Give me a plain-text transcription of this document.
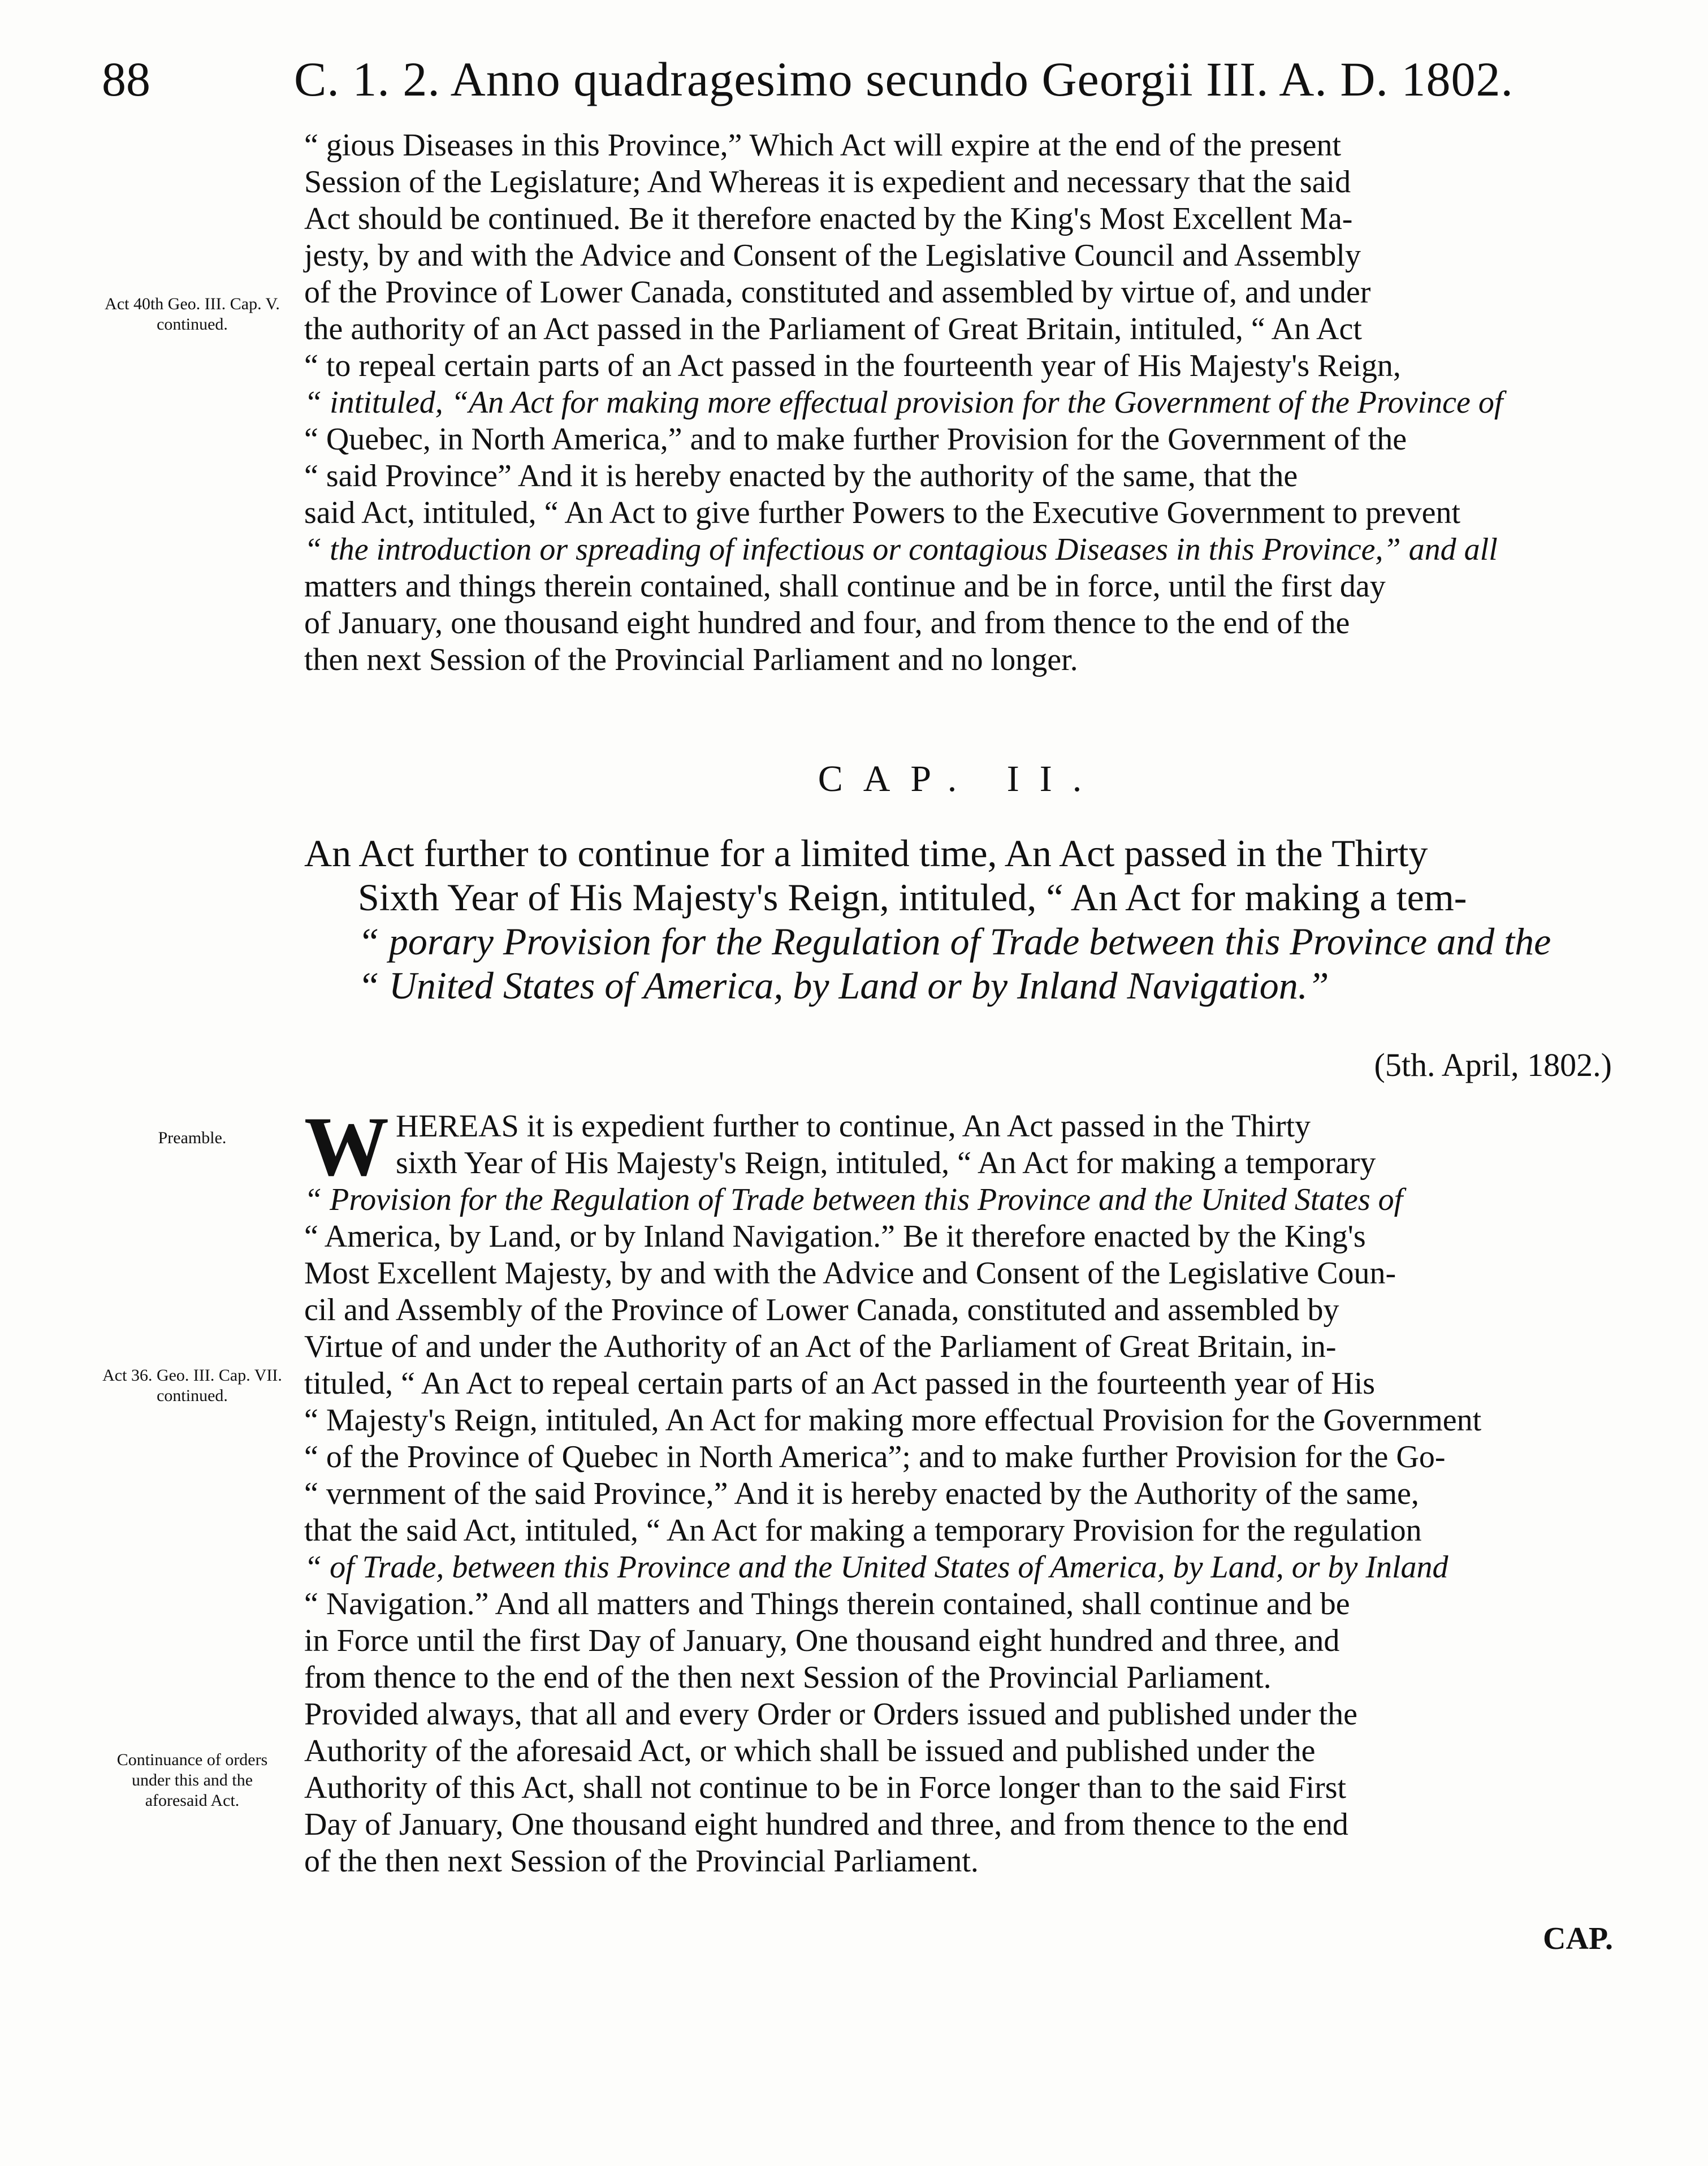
88	C. 1. 2. Anno quadragesimo secundo Georgii III. A. D. 1802.

“ gious Diseases in this Province,” Which Act will expire at the end of the present
Session of the Legislature; And Whereas it is expedient and necessary that the said
Act should be continued. Be it therefore enacted by the King's Most Excellent Ma-
jesty, by and with the Advice and Consent of the Legislative Council and Assembly
of the Province of Lower Canada, constituted and assembled by virtue of, and under
the authority of an Act passed in the Parliament of Great Britain, intituled, “ An Act
“ to repeal certain parts of an Act passed in the fourteenth year of His Majesty's Reign,
“ intituled, “An Act for making more effectual provision for the Government of the Province of
“ Quebec, in North America,” and to make further Provision for the Government of the
“ said Province” And it is hereby enacted by the authority of the same, that the
said Act, intituled, “ An Act to give further Powers to the Executive Government to prevent
“ the introduction or spreading of infectious or contagious Diseases in this Province,” and all
matters and things therein contained, shall continue and be in force, until the first day
of January, one thousand eight hundred and four, and from thence to the end of the
then next Session of the Provincial Parliament and no longer.

Act 40th Geo. III. Cap. V. continued.
Preamble.
Act 36. Geo. III. Cap. VII. continued.
Continuance of orders under this and the aforesaid Act.
CAP. II.
An Act further to continue for a limited time, An Act passed in the Thirty
Sixth Year of His Majesty's Reign, intituled, “ An Act for making a tem-
“ porary Provision for the Regulation of Trade between this Province and the
“ United States of America, by Land or by Inland Navigation.”
(5th. April, 1802.)

W HEREAS it is expedient further to continue, An Act passed in the Thirty
sixth Year of His Majesty's Reign, intituled, “ An Act for making a temporary
“ Provision for the Regulation of Trade between this Province and the United States of
“ America, by Land, or by Inland Navigation.” Be it therefore enacted by the King's
Most Excellent Majesty, by and with the Advice and Consent of the Legislative Coun-
cil and Assembly of the Province of Lower Canada, constituted and assembled by
Virtue of and under the Authority of an Act of the Parliament of Great Britain, in-
tituled, “ An Act to repeal certain parts of an Act passed in the fourteenth year of His
“ Majesty's Reign, intituled, An Act for making more effectual Provision for the Government
“ of the Province of Quebec in North America”; and to make further Provision for the Go-
“ vernment of the said Province,” And it is hereby enacted by the Authority of the same,
that the said Act, intituled, “ An Act for making a temporary Provision for the regulation
“ of Trade, between this Province and the United States of America, by Land, or by Inland
“ Navigation.” And all matters and Things therein contained, shall continue and be
in Force until the first Day of January, One thousand eight hundred and three, and
from thence to the end of the then next Session of the Provincial Parliament.
Provided always, that all and every Order or Orders issued and published under the
Authority of the aforesaid Act, or which shall be issued and published under the
Authority of this Act, shall not continue to be in Force longer than to the said First
Day of January, One thousand eight hundred and three, and from thence to the end
of the then next Session of the Provincial Parliament.

CAP.
